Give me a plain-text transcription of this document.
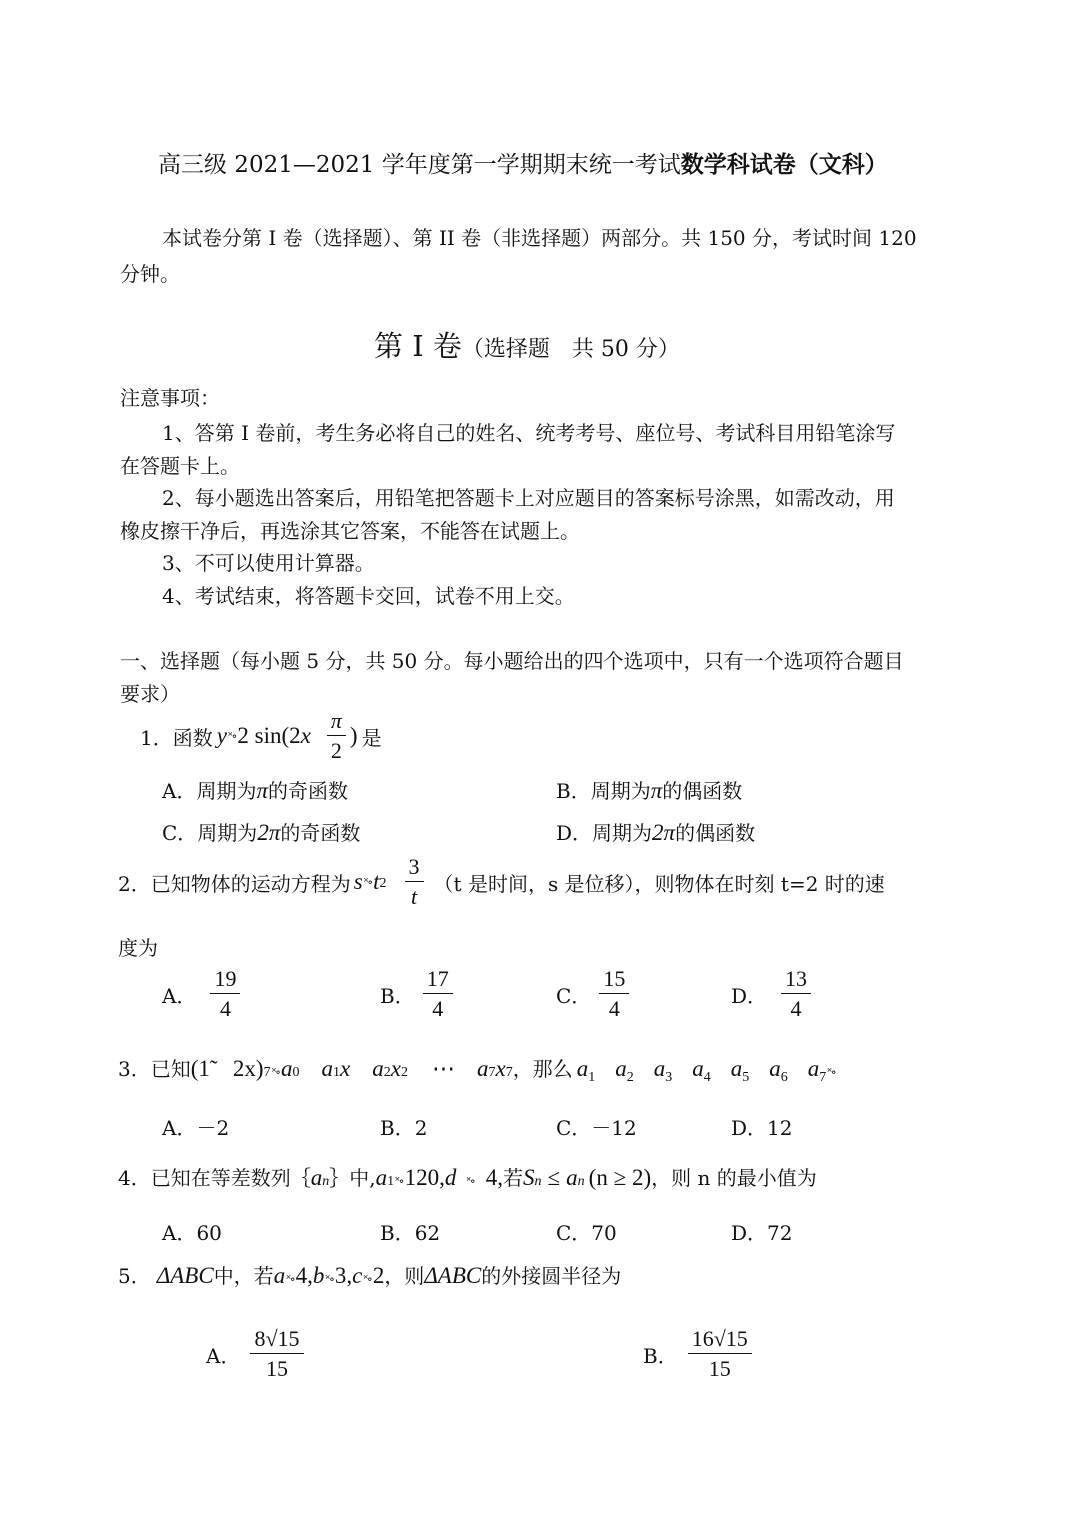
高三级 2021—2021 学年度第一学期期末统一考试数学科试卷（文科）
本试卷分第 I 卷（选择题）、第 II 卷（非选择题）两部分。共 150 分，考试时间 120
分钟。
第 I 卷（选择题　共 50 分）
注意事项：
1、答第 I 卷前，考生务必将自己的姓名、统考考号、座位号、考试科目用铅笔涂写
在答题卡上。
2、每小题选出答案后，用铅笔把答题卡上对应题目的答案标号涂黑，如需改动，用
橡皮擦干净后，再选涂其它答案，不能答在试题上。
3、不可以使用计算器。
4、考试结束，将答题卡交回，试卷不用上交。
一、选择题（每小题 5 分，共 50 分。每小题给出的四个选项中，只有一个选项符合题目
要求）
1．函数 y ˟∘ 2 sin(2 x $\frac{\pi}{2}$ ) 是
A．周期为π的奇函数	B．周期为π的偶函数
C．周期为2π的奇函数	D．周期为2π的偶函数
2．已知物体的运动方程为 s ˟∘ t $2 \frac{3}{t} (t$ 是时间，s 是位移），则物体在时刻 t=2 时的速
度为
A． $\frac{19}{4}$	B． $\frac{17}{4}$	C． $\frac{15}{4}$	D． $\frac{13}{4}$
3．已知 (1̃　$2x)_7$ ˟∘ $a_0$ $a_1$ x $a_2$ $x_2$ ⋯ $a_7$ $x_7$ ，那么 $a_1$ $a_2$ $a_3$ $a_4$ $a_5$ $a_6$ $a_7$ ˟∘
A．－2	B．2	C．－12	D．12
4．已知在等差数列｛ $a_n$ ｝中, $a_1$ ˟∘ 120, d ˟∘ 4, 若 $S_n \le a_n$ (n ≥ 2) ，则 n 的最小值为
A．60	B．62	C．70	D．72
5． ΔABC 中，若 a ˟∘ 4, b ˟∘ 3, c ˟∘ 2 ，则 ΔABC 的外接圆半径为
A． $\frac{8√15}{15}$	B． $\frac{16√15}{15}$
